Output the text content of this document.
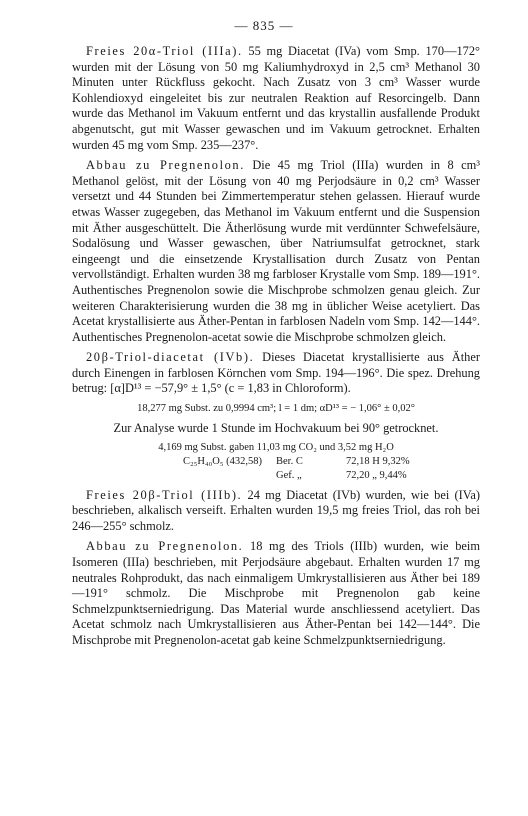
— 835 —

Freies 20α-Triol (IIIa). 55 mg Diacetat (IVa) vom Smp. 170—172° wurden mit der Lösung von 50 mg Kaliumhydroxyd in 2,5 cm³ Methanol 30 Minuten unter Rückfluss gekocht. Nach Zusatz von 3 cm³ Wasser wurde Kohlendioxyd eingeleitet bis zur neutralen Reaktion auf Resorcingelb. Dann wurde das Methanol im Vakuum entfernt und das krystallin ausfallende Produkt abgenutscht, gut mit Wasser gewaschen und im Vakuum getrocknet. Erhalten wurden 45 mg vom Smp. 235—237°.

Abbau zu Pregnenolon. Die 45 mg Triol (IIIa) wurden in 8 cm³ Methanol gelöst, mit der Lösung von 40 mg Perjodsäure in 0,2 cm³ Wasser versetzt und 44 Stunden bei Zimmertemperatur stehen gelassen. Hierauf wurde etwas Wasser zugegeben, das Methanol im Vakuum entfernt und die Suspension mit Äther ausgeschüttelt. Die Ätherlösung wurde mit verdünnter Schwefelsäure, Sodalösung und Wasser gewaschen, über Natriumsulfat getrocknet, stark eingeengt und die einsetzende Krystallisation durch Zusatz von Pentan vervollständigt. Erhalten wurden 38 mg farbloser Krystalle vom Smp. 189—191°. Authentisches Pregnenolon sowie die Mischprobe schmolzen genau gleich. Zur weiteren Charakterisierung wurden die 38 mg in üblicher Weise acetyliert. Das Acetat krystallisierte aus Äther-Pentan in farblosen Nadeln vom Smp. 142—144°. Authentisches Pregnenolon-acetat sowie die Mischprobe schmolzen gleich.

20β-Triol-diacetat (IVb). Dieses Diacetat krystallisierte aus Äther durch Einengen in farblosen Körnchen vom Smp. 194—196°. Die spez. Drehung betrug: [α]D¹³ = −57,9° ± 1,5° (c = 1,83 in Chloroform).

18,277 mg Subst. zu 0,9994 cm³; l = 1 dm; αD¹³ = − 1,06° ± 0,02°
Zur Analyse wurde 1 Stunde im Hochvakuum bei 90° getrocknet.
4,169 mg Subst. gaben 11,03 mg CO₂ und 3,52 mg H₂O
C₂₅H₄₀O₅ (432,58)	Ber. C	72,18 H 9,32%
Gef. „	72,20 „ 9,44%

Freies 20β-Triol (IIIb). 24 mg Diacetat (IVb) wurden, wie bei (IVa) beschrieben, alkalisch verseift. Erhalten wurden 19,5 mg freies Triol, das roh bei 246—255° schmolz.

Abbau zu Pregnenolon. 18 mg des Triols (IIIb) wurden, wie beim Isomeren (IIIa) beschrieben, mit Perjodsäure abgebaut. Erhalten wurden 17 mg neutrales Rohprodukt, das nach einmaligem Umkrystallisieren aus Äther bei 189—191° schmolz. Die Mischprobe mit Pregnenolon gab keine Schmelzpunktserniedrigung. Das Material wurde anschliessend acetyliert. Das Acetat schmolz nach Umkrystallisieren aus Äther-Pentan bei 142—144°. Die Mischprobe mit Pregnenolon-acetat gab keine Schmelzpunktserniedrigung.
